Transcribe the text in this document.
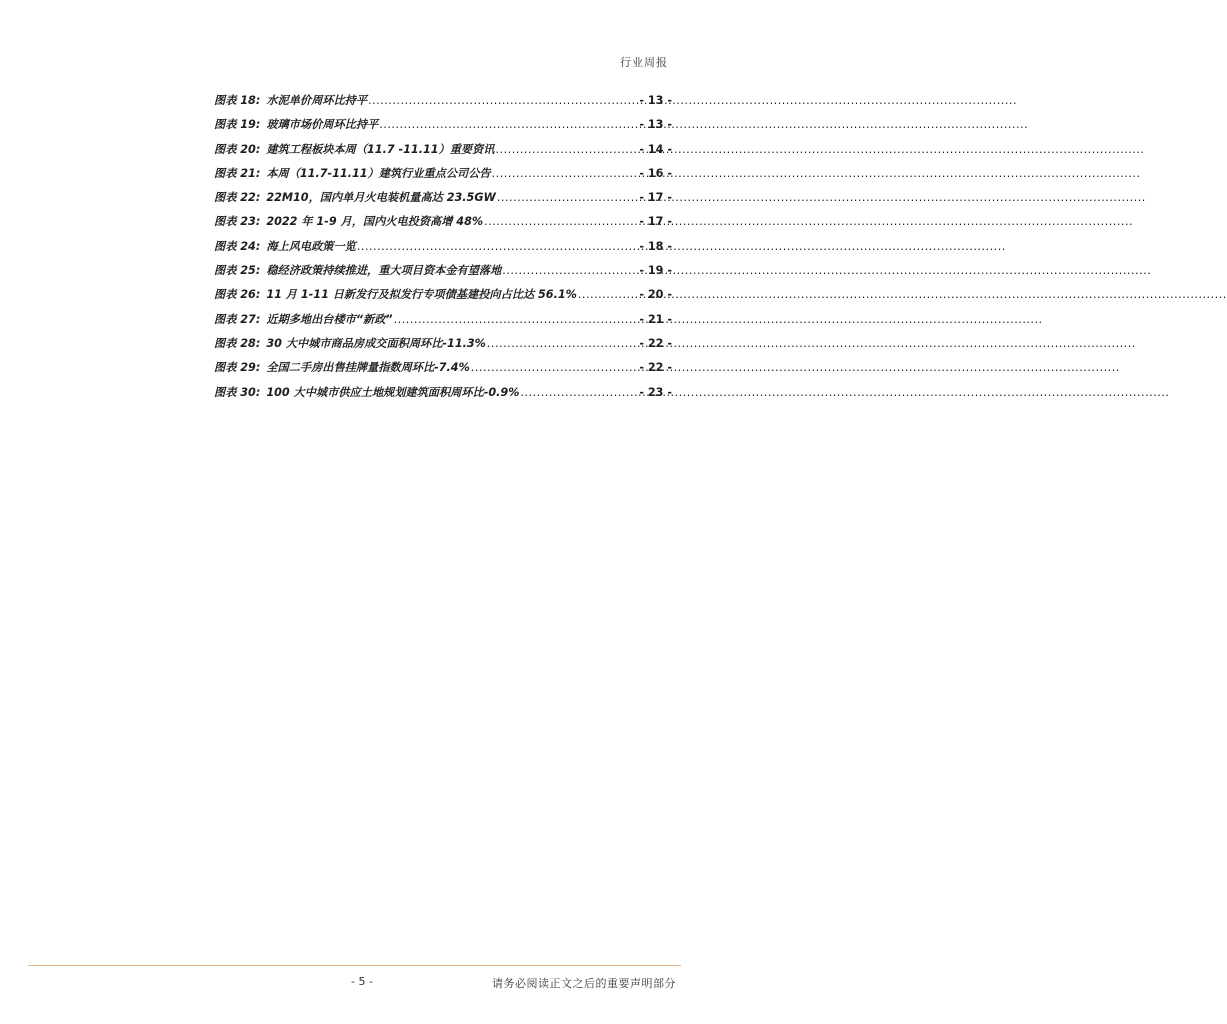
行业周报
图表 18: 水泥单价周环比持平 .....	- 13 -
图表 19: 玻璃市场价周环比持平 .....	- 13 -
图表 20: 建筑工程板块本周（11.7 -11.11）重要资讯 .....	- 14 -
图表 21: 本周（11.7-11.11）建筑行业重点公司公告 .....	- 16 -
图表 22: 22M10，国内单月火电装机量高达 23.5GW .....	- 17 -
图表 23: 2022 年 1-9 月，国内火电投资高增 48% .....	- 17 -
图表 24: 海上风电政策一览 .....	- 18 -
图表 25: 稳经济政策持续推进，重大项目资本金有望落地 .....	- 19 -
图表 26: 11 月 1-11 日新发行及拟发行专项债基建投向占比达 56.1% .....	- 20 -
图表 27: 近期多地出台楼市“新政” .....	- 21 -
图表 28: 30 大中城市商品房成交面积周环比-11.3% .....	- 22 -
图表 29: 全国二手房出售挂牌量指数周环比-7.4% .....	- 22 -
图表 30: 100 大中城市供应土地规划建筑面积周环比-0.9% .....	- 23 -
- 5 -	请务必阅读正文之后的重要声明部分
